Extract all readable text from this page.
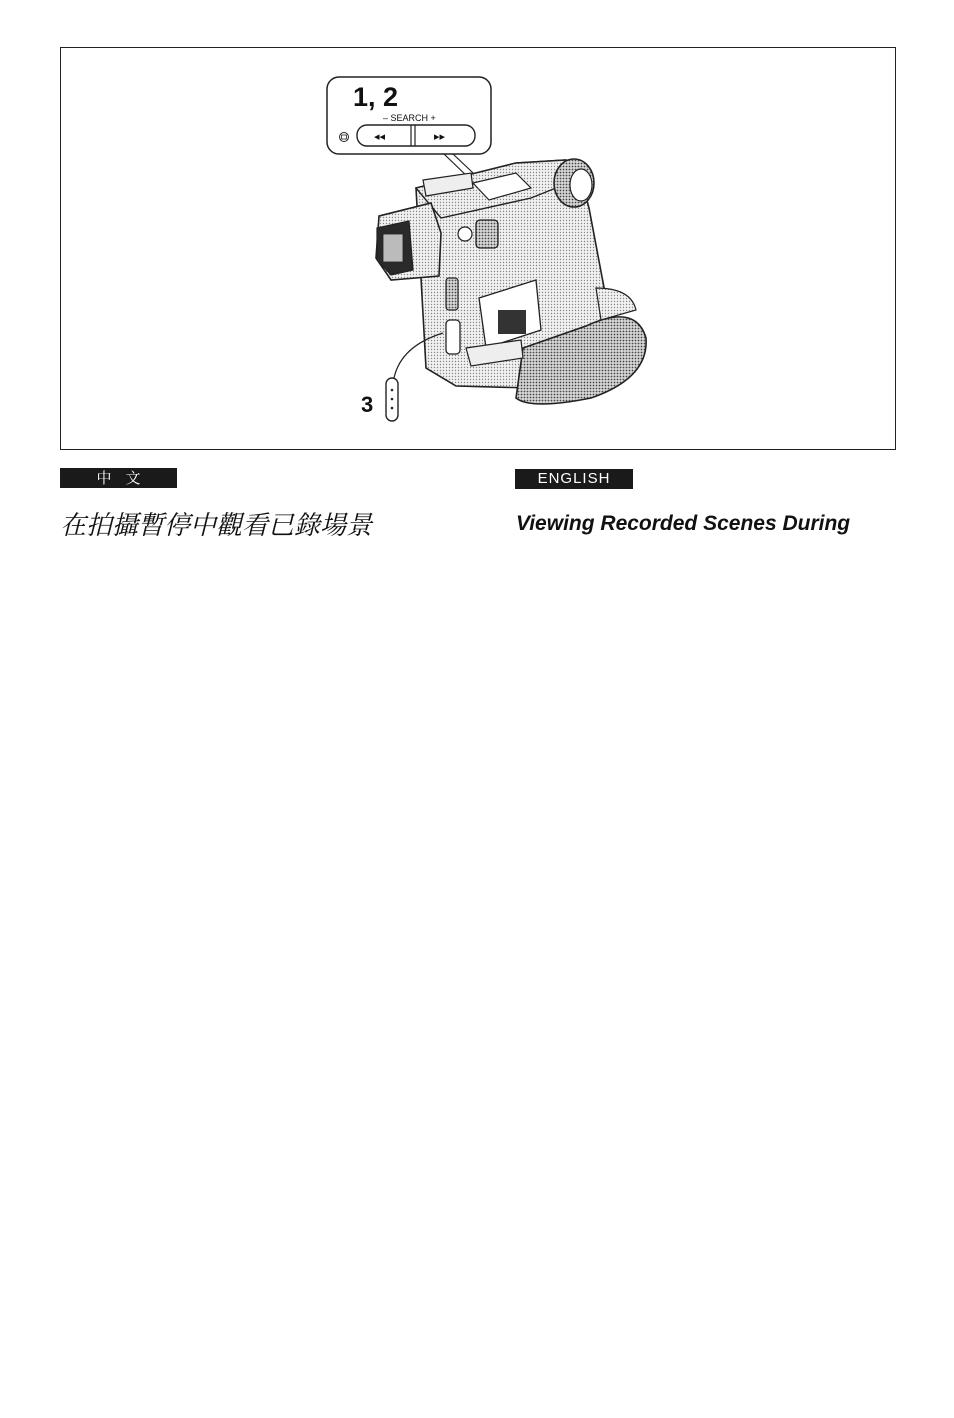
1, 2
– SEARCH +
◂◂	▸▸
3
中文	ENGLISH
在拍攝暫停中觀看已錄場景	Viewing Recorded Scenes During
